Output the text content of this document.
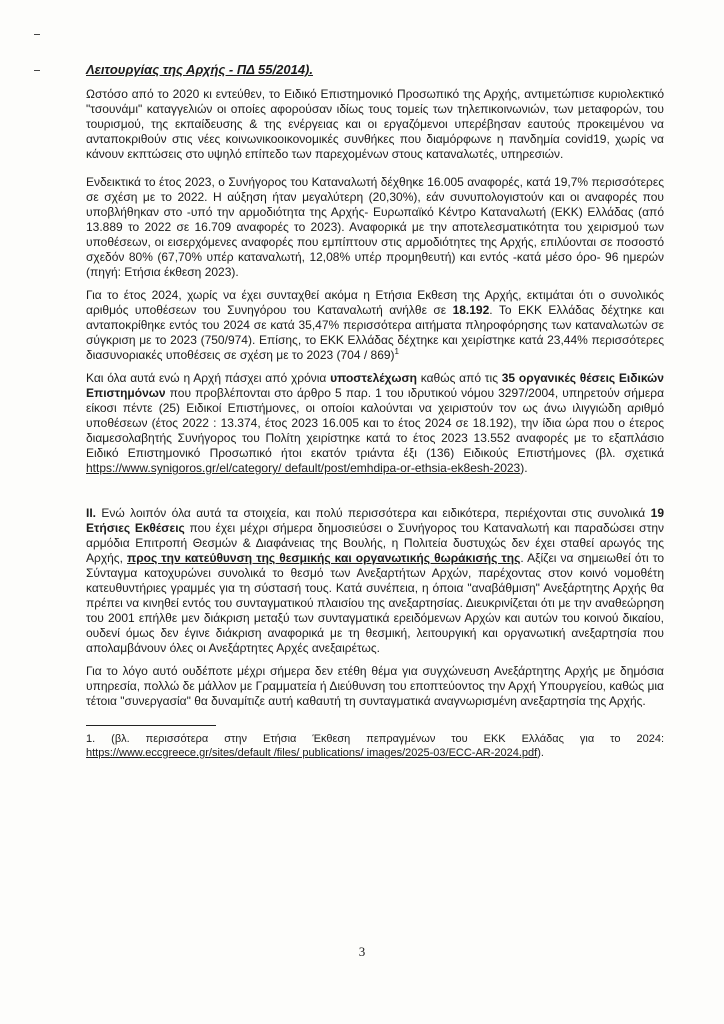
Λειτουργίας της Αρχής - ΠΔ 55/2014).

Ωστόσο από το 2020 κι εντεύθεν, το Ειδικό Επιστημονικό Προσωπικό της Αρχής, αντιμετώπισε κυριολεκτικό "τσουνάμι" καταγγελιών οι οποίες αφορούσαν ιδίως τους τομείς των τηλεπικοινωνιών, των μεταφορών, του τουρισμού, της εκπαίδευσης & της ενέργειας και οι εργαζόμενοι υπερέβησαν εαυτούς προκειμένου να ανταποκριθούν στις νέες κοινωνικοοικονομικές συνθήκες που διαμόρφωνε η πανδημία covid19, χωρίς να κάνουν εκπτώσεις στο υψηλό επίπεδο των παρεχομένων στους καταναλωτές, υπηρεσιών.

Ενδεικτικά το έτος 2023, ο Συνήγορος του Καταναλωτή δέχθηκε 16.005 αναφορές, κατά 19,7% περισσότερες σε σχέση με το 2022. Η αύξηση ήταν μεγαλύτερη (20,30%), εάν συνυπολογιστούν και οι αναφορές που υποβλήθηκαν στο -υπό την αρμοδιότητα της Αρχής- Ευρωπαϊκό Κέντρο Καταναλωτή (ΕΚΚ) Ελλάδας (από 13.889 το 2022 σε 16.709 αναφορές το 2023). Αναφορικά με την αποτελεσματικότητα του χειρισμού των υποθέσεων, οι εισερχόμενες αναφορές που εμπίπτουν στις αρμοδιότητες της Αρχής, επιλύονται σε ποσοστό σχεδόν 80% (67,70% υπέρ καταναλωτή, 12,08% υπέρ προμηθευτή) και εντός -κατά μέσο όρο- 96 ημερών (πηγή: Ετήσια έκθεση 2023).

Για το έτος 2024, χωρίς να έχει συνταχθεί ακόμα η Ετήσια Εκθεση της Αρχής, εκτιμάται ότι ο συνολικός αριθμός υποθέσεων του Συνηγόρου του Καταναλωτή ανήλθε σε 18.192. Το ΕΚΚ Ελλάδας δέχτηκε και ανταποκρίθηκε εντός του 2024 σε κατά 35,47% περισσότερα αιτήματα πληροφόρησης των καταναλωτών σε σύγκριση με το 2023 (750/974). Επίσης, το ΕΚΚ Ελλάδας δέχτηκε και χειρίστηκε κατά 23,44% περισσότερες διασυνοριακές υποθέσεις σε σχέση με το 2023 (704 / 869)$^1$

Και όλα αυτά ενώ η Αρχή πάσχει από χρόνια υποστελέχωση καθώς από τις 35 οργανικές θέσεις Ειδικών Επιστημόνων που προβλέπονται στο άρθρο 5 παρ. 1 του ιδρυτικού νόμου 3297/2004, υπηρετούν σήμερα είκοσι πέντε (25) Ειδικοί Επιστήμονες, οι οποίοι καλούνται να χειριστούν τον ως άνω ιλιγγιώδη αριθμό υποθέσεων (έτος 2022 : 13.374, έτος 2023 16.005 και το έτος 2024 σε 18.192), την ίδια ώρα που ο έτερος διαμεσολαβητής Συνήγορος του Πολίτη χειρίστηκε κατά το έτος 2023 13.552 αναφορές με το εξαπλάσιο Ειδικό Επιστημονικό Προσωπικό ήτοι εκατόν τριάντα έξι (136) Ειδικούς Επιστήμονες (βλ. σχετικά https://www.synigoros.gr/el/category/ default/post/emhdipa-or-ethsia-ek8esh-2023).

II. Ενώ λοιπόν όλα αυτά τα στοιχεία, και πολύ περισσότερα και ειδικότερα, περιέχονται στις συνολικά 19 Ετήσιες Εκθέσεις που έχει μέχρι σήμερα δημοσιεύσει ο Συνήγορος του Καταναλωτή και παραδώσει στην αρμόδια Επιτροπή Θεσμών & Διαφάνειας της Βουλής, η Πολιτεία δυστυχώς δεν έχει σταθεί αρωγός της Αρχής, προς την κατεύθυνση της θεσμικής και οργανωτικής θωράκισής της. Αξίζει να σημειωθεί ότι το Σύνταγμα κατοχυρώνει συνολικά το θεσμό των Ανεξαρτήτων Αρχών, παρέχοντας στον κοινό νομοθέτη κατευθυντήριες γραμμές για τη σύστασή τους. Κατά συνέπεια, η όποια "αναβάθμιση" Ανεξάρτητης Αρχής θα πρέπει να κινηθεί εντός του συνταγματικού πλαισίου της ανεξαρτησίας. Διευκρινίζεται ότι με την αναθεώρηση του 2001 επήλθε μεν διάκριση μεταξύ των συνταγματικά ερειδόμενων Αρχών και αυτών του κοινού δικαίου, ουδενί όμως δεν έγινε διάκριση αναφορικά με τη θεσμική, λειτουργική και οργανωτική ανεξαρτησία που απολαμβάνουν όλες οι Ανεξάρτητες Αρχές ανεξαιρέτως.

Για το λόγο αυτό ουδέποτε μέχρι σήμερα δεν ετέθη θέμα για συγχώνευση Ανεξάρτητης Αρχής με δημόσια υπηρεσία, πολλώ δε μάλλον με Γραμματεία ή Διεύθυνση του εποπτεύοντος την Αρχή Υπουργείου, καθώς μια τέτοια "συνεργασία" θα δυναμίτιζε αυτή καθαυτή τη συνταγματικά αναγνωρισμένη ανεξαρτησία της Αρχής.

1. (βλ. περισσότερα στην Ετήσια Έκθεση πεπραγμένων του ΕΚΚ Ελλάδας για το 2024: https://www.eccgreece.gr/sites/default /files/ publications/ images/2025-03/ECC-AR-2024.pdf).

3
